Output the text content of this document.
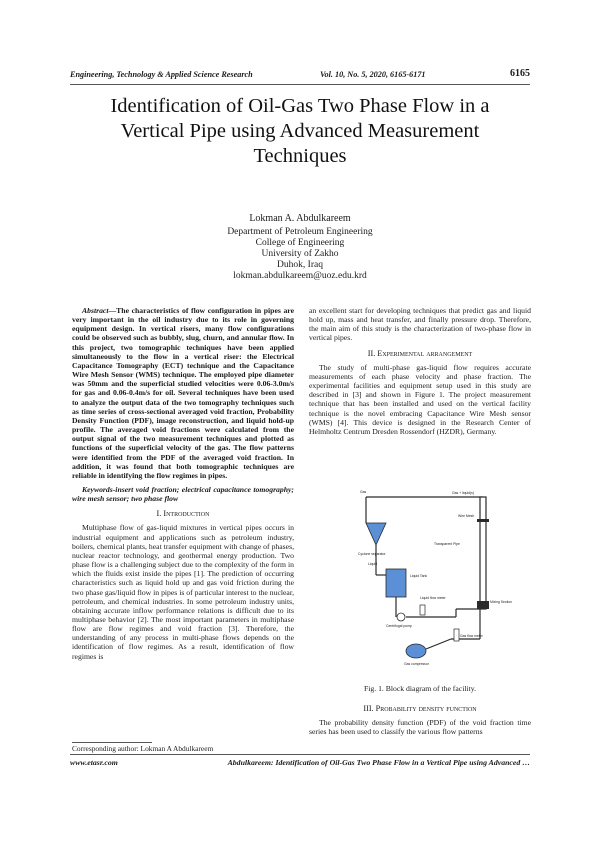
Engineering, Technology & Applied Science Research	Vol. 10, No. 5, 2020, 6165-6171	6165
Identification of Oil-Gas Two Phase Flow in a
Vertical Pipe using Advanced Measurement
Techniques
Lokman A. Abdulkareem
Department of Petroleum Engineering
College of Engineering
University of Zakho
Duhok, Iraq
lokman.abdulkareem@uoz.edu.krd

Abstract—The characteristics of flow configuration in pipes are very important in the oil industry due to its role in governing equipment design. In vertical risers, many flow configurations could be observed such as bubbly, slug, churn, and annular flow. In this project, two tomographic techniques have been applied simultaneously to the flow in a vertical riser: the Electrical Capacitance Tomography (ECT) technique and the Capacitance Wire Mesh Sensor (WMS) technique. The employed pipe diameter was 50mm and the superficial studied velocities were 0.06-3.0m/s for gas and 0.06-0.4m/s for oil. Several techniques have been used to analyze the output data of the two tomography techniques such as time series of cross-sectional averaged void fraction, Probability Density Function (PDF), image reconstruction, and liquid hold-up profile. The averaged void fractions were calculated from the output signal of the two measurement techniques and plotted as functions of the superficial velocity of the gas. The flow patterns were identified from the PDF of the averaged void fraction. In addition, it was found that both tomographic techniques are reliable in identifying the flow regimes in pipes.

Keywords-insert void fraction; electrical capacitance tomography; wire mesh sensor; two phase flow

I. Introduction

Multiphase flow of gas-liquid mixtures in vertical pipes occurs in industrial equipment and applications such as petroleum industry, boilers, chemical plants, heat transfer equipment with change of phases, nuclear reactor technology, and geothermal energy production. Two phase flow is a challenging subject due to the complexity of the form in which the fluids exist inside the pipes [1]. The prediction of occurring characteristics such as liquid hold up and gas void friction during the two phase gas/liquid flow in pipes is of particular interest to the nuclear, petroleum, and chemical industries. In some petroleum industry units, obtaining accurate inflow performance relations is difficult due to its multiphase behavior [2]. The most important parameters in multiphase flow are flow regimes and void fraction [3]. Therefore, the understanding of any process in multi-phase flows depends on the identification of flow regimes. As a result, identification of flow regimes is

an excellent start for developing techniques that predict gas and liquid hold up, mass and heat transfer, and finally pressure drop. Therefore, the main aim of this study is the characterization of two-phase flow in vertical pipes.

II. Experimental arrangement

The study of multi-phase gas-liquid flow requires accurate measurements of each phase velocity and phase fraction. The experimental facilities and equipment setup used in this study are described in [3] and shown in Figure 1. The project measurement technique that has been installed and used on the vertical facility technique is the novel embracing Capacitance Wire Mesh sensor (WMS) [4]. This device is designed in the Research Center of Helmholtz Centrum Dresden Rossendorf (HZDR), Germany.

Gas	Gas + liquid(s)
Wire Mesh
Cyclone separator
Transparent Pipe
Liquid
Liquid Tank
Liquid flow meter
Mixing Section
Centrifugal pump
Gas flow meter
Gas compressor
Fig. 1. Block diagram of the facility.
III. Probability density function
The probability density function (PDF) of the void fraction time series has been used to classify the various flow patterns
Corresponding author: Lokman A Abdulkareem
www.etasr.com	Abdulkareem: Identification of Oil-Gas Two Phase Flow in a Vertical Pipe using Advanced …
